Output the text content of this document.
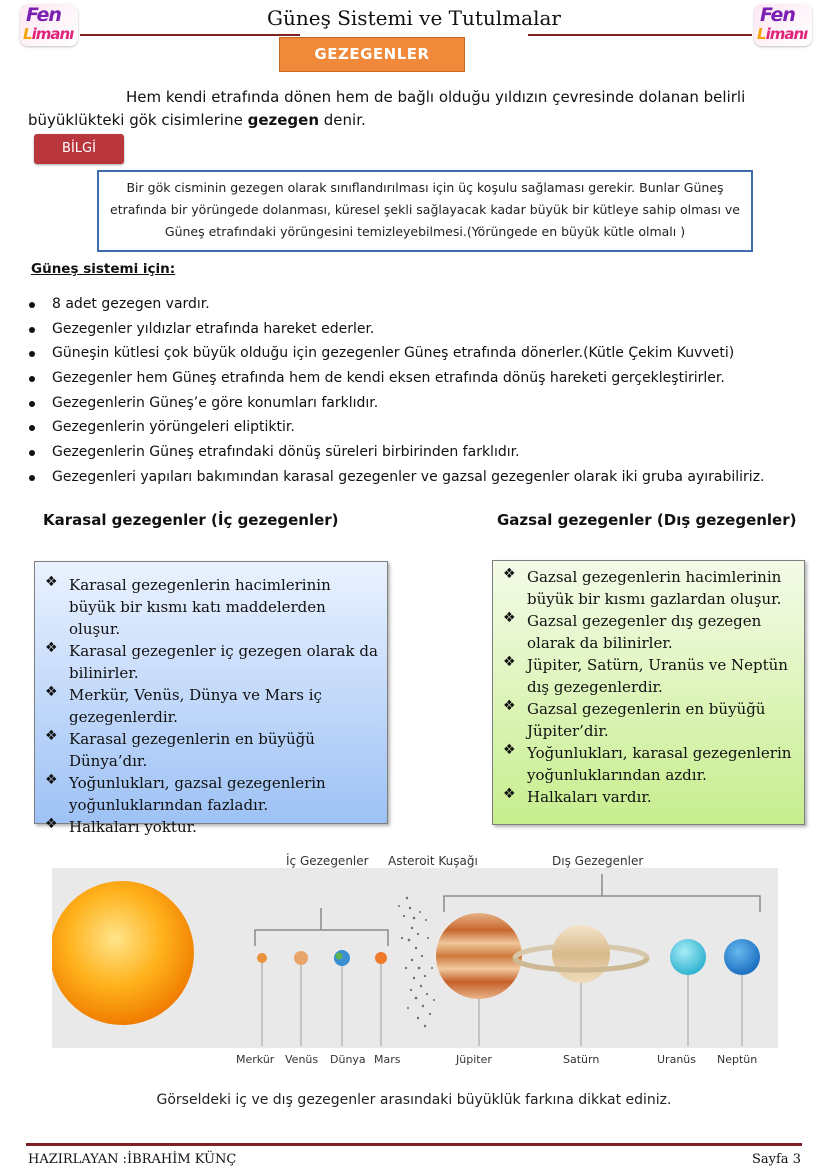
Fen
Limanı
Güneş Sistemi ve Tutulmalar	Fen
Limanı
GEZEGENLER
Hem kendi etrafında dönen hem de bağlı olduğu yıldızın çevresinde dolanan belirli büyüklükteki gök cisimlerine gezegen denir.
BİLGİ
Bir gök cisminin gezegen olarak sınıflandırılması için üç koşulu sağlaması gerekir. Bunlar Güneş etrafında bir yörüngede dolanması, küresel şekli sağlayacak kadar büyük bir kütleye sahip olması ve Güneş etrafındaki yörüngesini temizleyebilmesi.(Yörüngede en büyük kütle olmalı )
Güneş sistemi için:
8 adet gezegen vardır.
Gezegenler yıldızlar etrafında hareket ederler.
Güneşin kütlesi çok büyük olduğu için gezegenler Güneş etrafında dönerler.(Kütle Çekim Kuvveti)
Gezegenler hem Güneş etrafında hem de kendi eksen etrafında dönüş hareketi gerçekleştirirler.
Gezegenlerin Güneş’e göre konumları farklıdır.
Gezegenlerin yörüngeleri eliptiktir.
Gezegenlerin Güneş etrafındaki dönüş süreleri birbirinden farklıdır.
Gezegenleri yapıları bakımından karasal gezegenler ve gazsal gezegenler olarak iki gruba ayırabiliriz.
Karasal gezegenler (İç gezegenler)	Gazsal gezegenler (Dış gezegenler)
❖ Karasal gezegenlerin hacimlerinin büyük bir kısmı katı maddelerden oluşur.
❖ Karasal gezegenler iç gezegen olarak da bilinirler.
❖ Merkür, Venüs, Dünya ve Mars iç gezegenlerdir.
❖ Karasal gezegenlerin en büyüğü Dünya’dır.
❖ Yoğunlukları, gazsal gezegenlerin yoğunluklarından fazladır.
❖ Halkaları yoktur.
❖ Gazsal gezegenlerin hacimlerinin büyük bir kısmı gazlardan oluşur.
❖ Gazsal gezegenler dış gezegen olarak da bilinirler.
❖ Jüpiter, Satürn, Uranüs ve Neptün dış gezegenlerdir.
❖ Gazsal gezegenlerin en büyüğü Jüpiter’dir.
❖ Yoğunlukları, karasal gezegenlerin yoğunluklarından azdır.
❖ Halkaları vardır.
İç Gezegenler Asteroit Kuşağı	Dış Gezegenler
Merkür Venüs Dünya Mars	Jüpiter	Satürn	Uranüs Neptün
Görseldeki iç ve dış gezegenler arasındaki büyüklük farkına dikkat ediniz.
HAZIRLAYAN :İBRAHİM KÜNÇ	Sayfa 3
